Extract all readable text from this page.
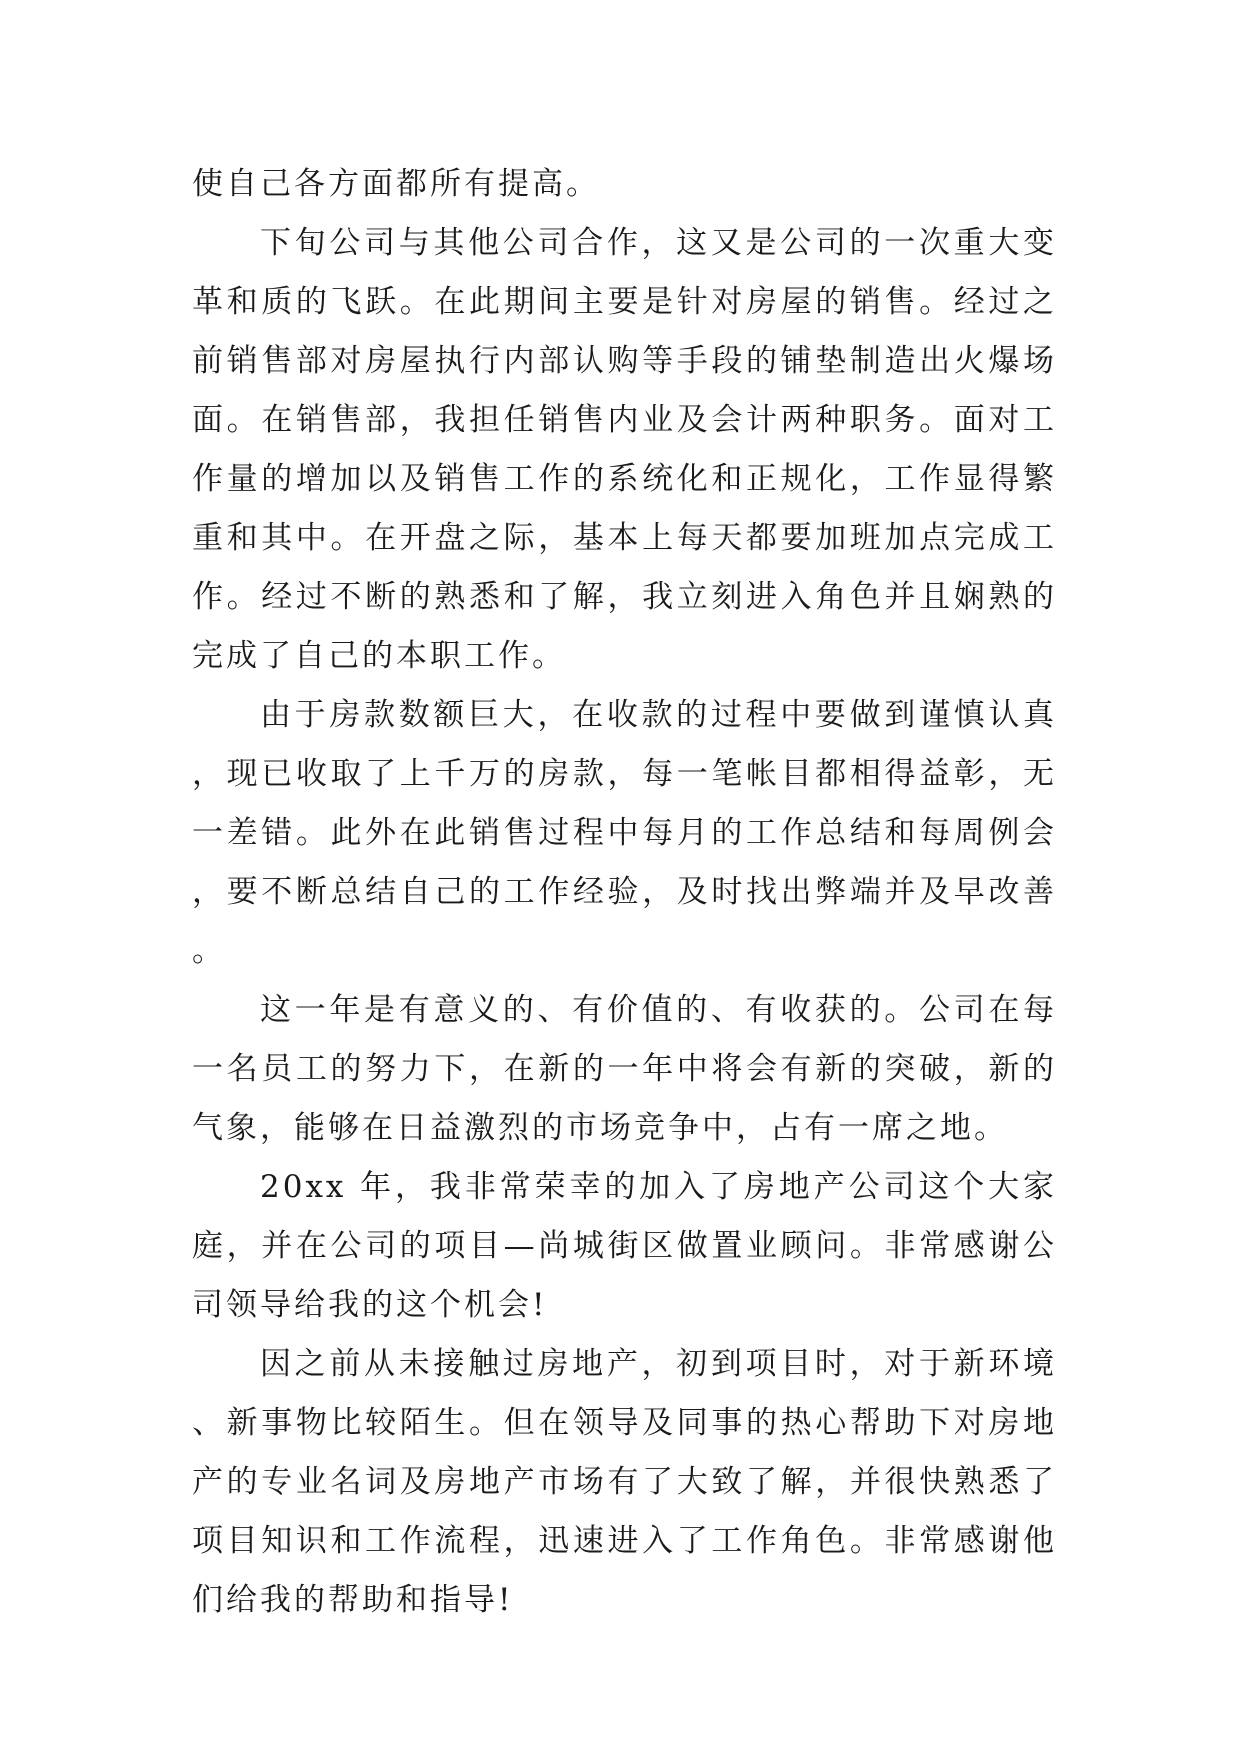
使自己各方面都所有提高。

下旬公司与其他公司合作，这又是公司的一次重大变革和质的飞跃。在此期间主要是针对房屋的销售。经过之前销售部对房屋执行内部认购等手段的铺垫制造出火爆场面。在销售部，我担任销售内业及会计两种职务。面对工作量的增加以及销售工作的系统化和正规化，工作显得繁重和其中。在开盘之际，基本上每天都要加班加点完成工作。经过不断的熟悉和了解，我立刻进入角色并且娴熟的完成了自己的本职工作。

由于房款数额巨大，在收款的过程中要做到谨慎认真，现已收取了上千万的房款，每一笔帐目都相得益彰，无一差错。此外在此销售过程中每月的工作总结和每周例会，要不断总结自己的工作经验，及时找出弊端并及早改善。

这一年是有意义的、有价值的、有收获的。公司在每一名员工的努力下，在新的一年中将会有新的突破，新的气象，能够在日益激烈的市场竞争中，占有一席之地。

20xx 年，我非常荣幸的加入了房地产公司这个大家庭，并在公司的项目—尚城街区做置业顾问。非常感谢公司领导给我的这个机会!

因之前从未接触过房地产，初到项目时，对于新环境、新事物比较陌生。但在领导及同事的热心帮助下对房地产的专业名词及房地产市场有了大致了解，并很快熟悉了项目知识和工作流程，迅速进入了工作角色。非常感谢他们给我的帮助和指导!
